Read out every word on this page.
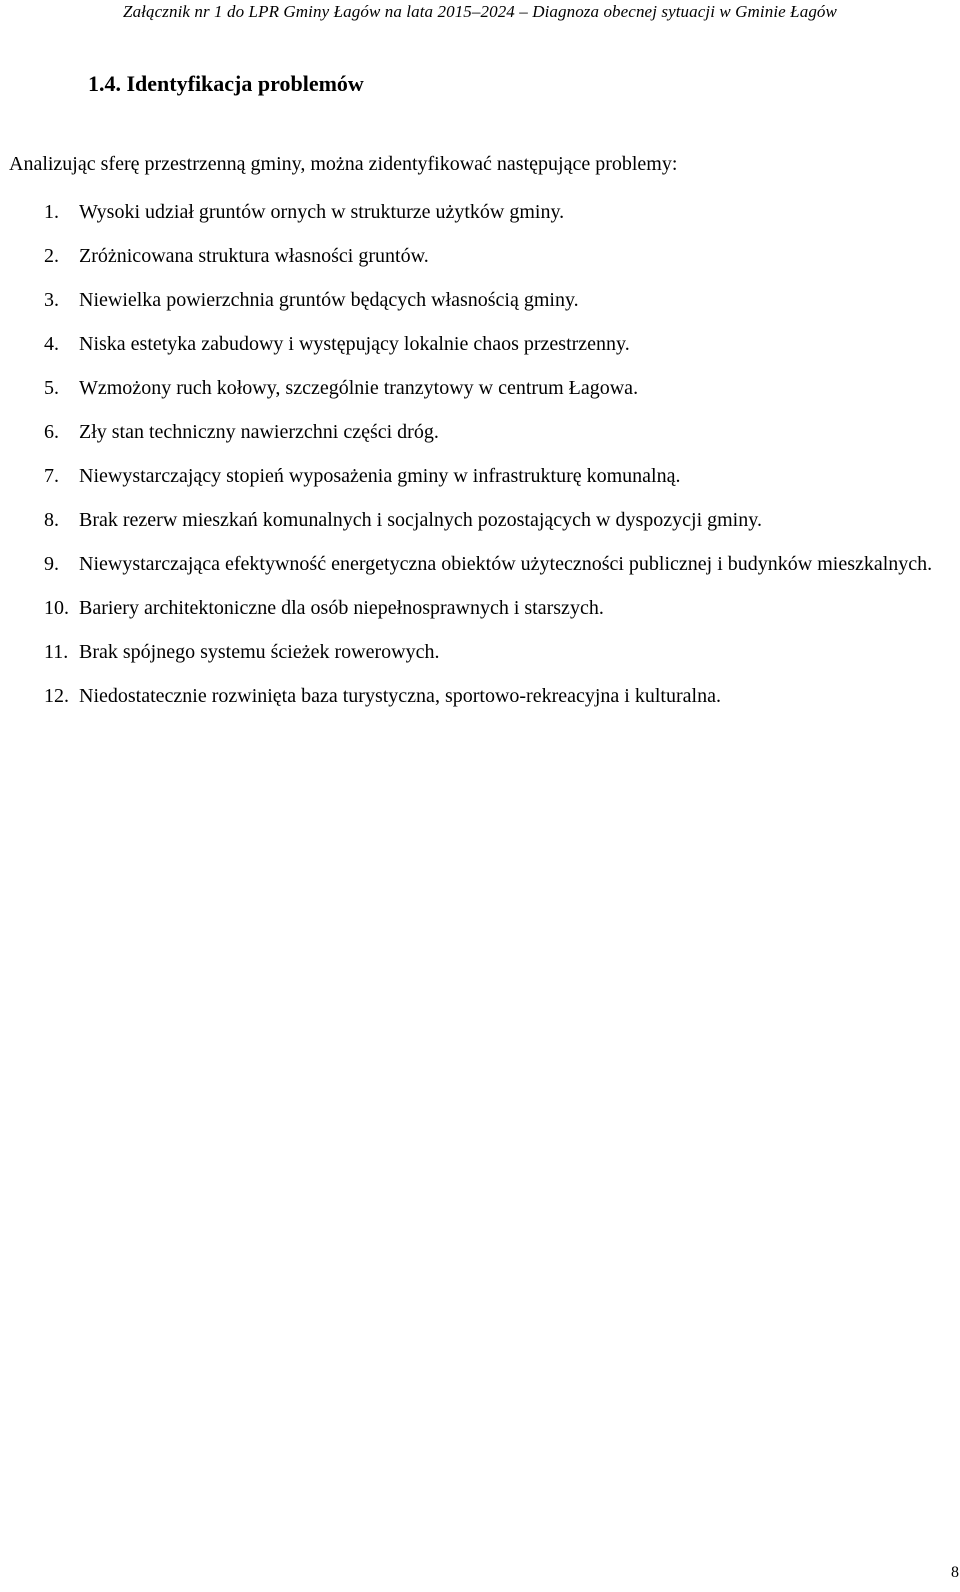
Załącznik nr 1 do LPR Gminy Łagów na lata 2015–2024 – Diagnoza obecnej sytuacji w Gminie Łagów
1.4. Identyfikacja problemów
Analizując sferę przestrzenną gminy, można zidentyfikować następujące problemy:
1. Wysoki udział gruntów ornych w strukturze użytków gminy.
2. Zróżnicowana struktura własności gruntów.
3. Niewielka powierzchnia gruntów będących własnością gminy.
4. Niska estetyka zabudowy i występujący lokalnie chaos przestrzenny.
5. Wzmożony ruch kołowy, szczególnie tranzytowy w centrum Łagowa.
6. Zły stan techniczny nawierzchni części dróg.
7. Niewystarczający stopień wyposażenia gminy w infrastrukturę komunalną.
8. Brak rezerw mieszkań komunalnych i socjalnych pozostających w dyspozycji gminy.
9. Niewystarczająca efektywność energetyczna obiektów użyteczności publicznej i budynków mieszkalnych.
10. Bariery architektoniczne dla osób niepełnosprawnych i starszych.
11. Brak spójnego systemu ścieżek rowerowych.
12. Niedostatecznie rozwinięta baza turystyczna, sportowo-rekreacyjna i kulturalna.
8
